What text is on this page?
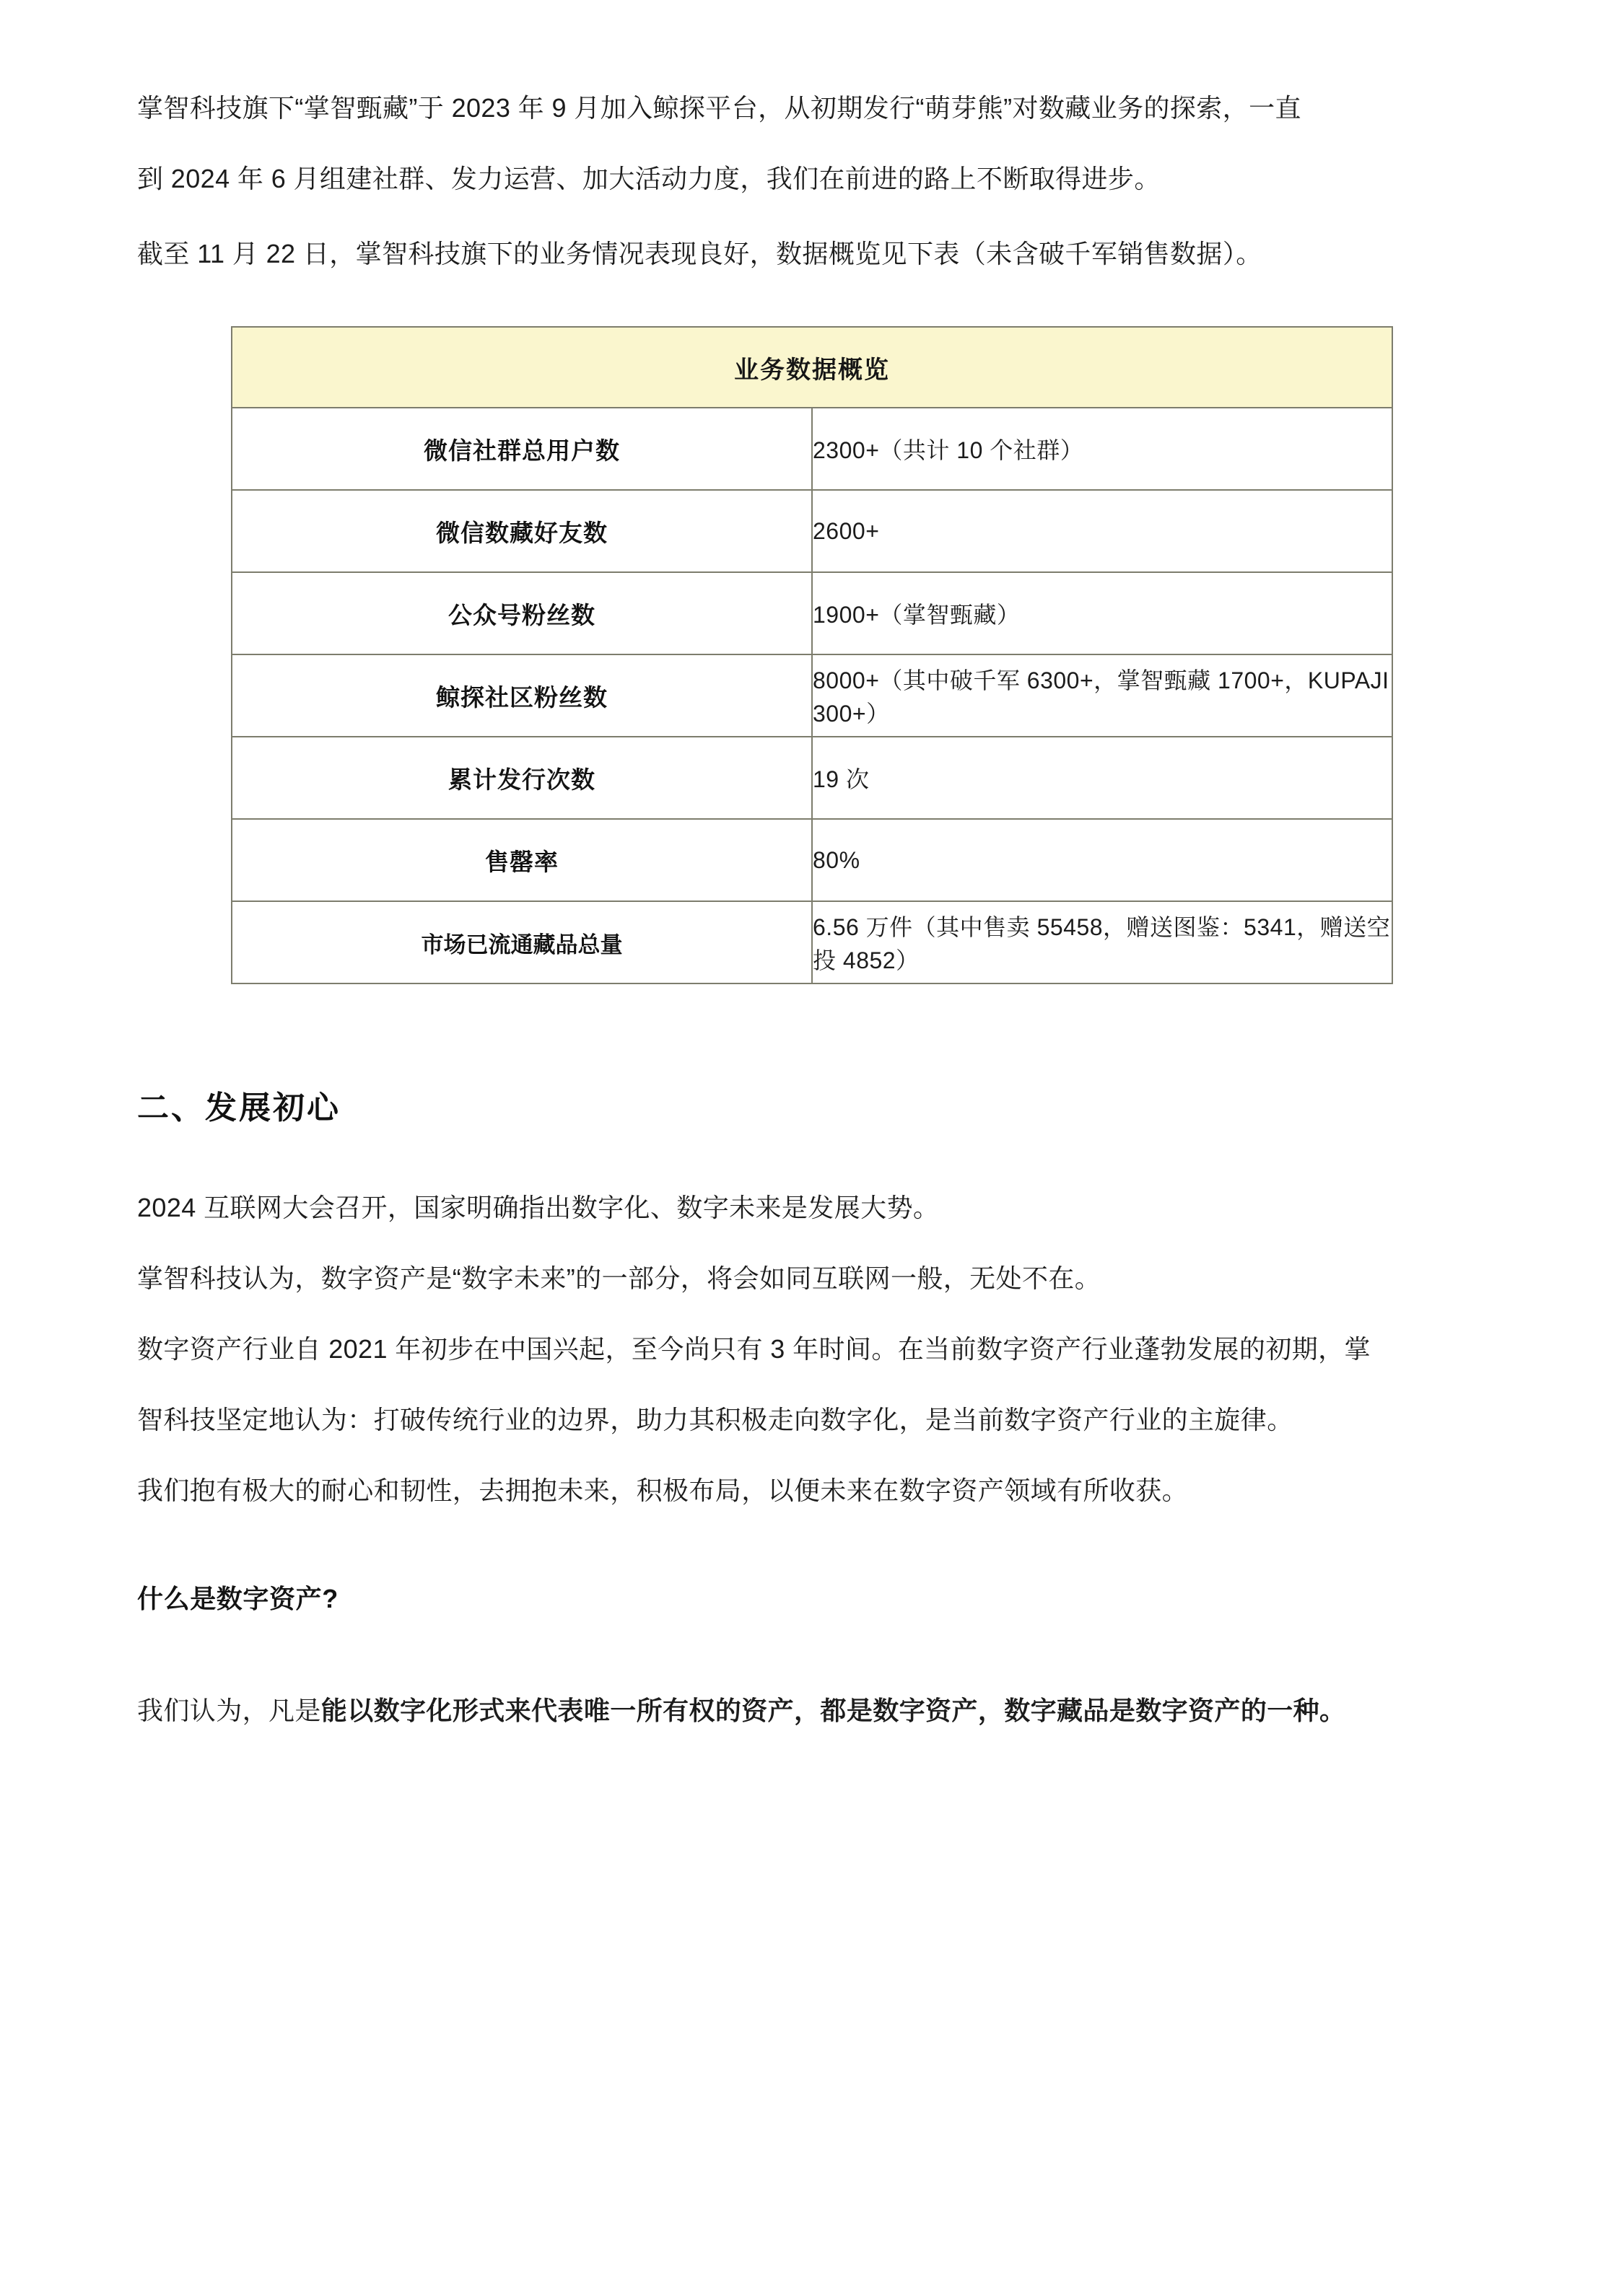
掌智科技旗下“掌智甄藏”于 2023 年 9 月加入鲸探平台，从初期发行“萌芽熊”对数藏业务的探索，一直
到 2024 年 6 月组建社群、发力运营、加大活动力度，我们在前进的路上不断取得进步。
截至 11 月 22 日，掌智科技旗下的业务情况表现良好，数据概览见下表（未含破千军销售数据）。
业务数据概览	
微信社群总用户数	2300+（共计 10 个社群）
微信数藏好友数	2600+
公众号粉丝数	1900+（掌智甄藏）
鲸探社区粉丝数	8000+（其中破千军 6300+，掌智甄藏 1700+，KUPAJI 300+）
累计发行次数	19 次
售罄率	80%
市场已流通藏品总量	6.56 万件（其中售卖 55458，赠送图鉴：5341，赠送空投 4852）
二、发展初心
2024 互联网大会召开，国家明确指出数字化、数字未来是发展大势。
掌智科技认为，数字资产是“数字未来”的一部分，将会如同互联网一般，无处不在。
数字资产行业自 2021 年初步在中国兴起，至今尚只有 3 年时间。在当前数字资产行业蓬勃发展的初期，掌
智科技坚定地认为：打破传统行业的边界，助力其积极走向数字化，是当前数字资产行业的主旋律。
我们抱有极大的耐心和韧性，去拥抱未来，积极布局，以便未来在数字资产领域有所收获。
什么是数字资产?
我们认为，凡是能以数字化形式来代表唯一所有权的资产，都是数字资产，数字藏品是数字资产的一种。
